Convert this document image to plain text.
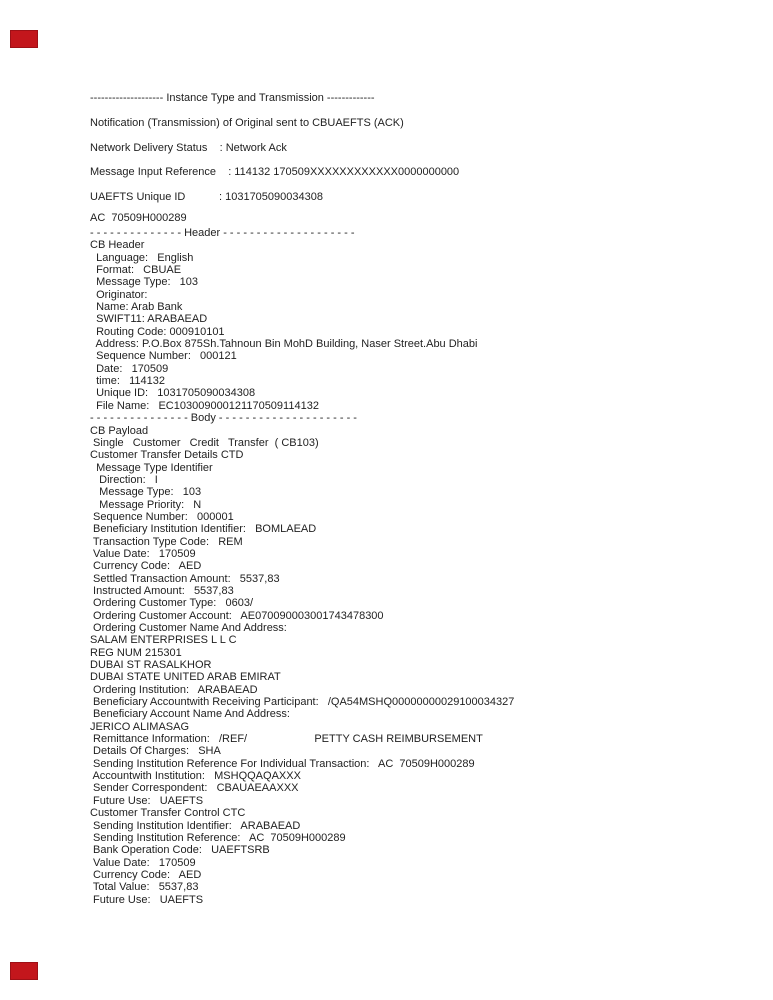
-------------------- Instance Type and Transmission -------------
Notification (Transmission) of Original sent to CBUAEFTS (ACK)
Network Delivery Status    : Network Ack
Message Input Reference    : 114132 170509XXXXXXXXXXXX0000000000
UAEFTS Unique ID           : 1031705090034308
AC  70509H000289
- - - - - - - - - - - - - - Header - - - - - - - - - - - - - - - - - - - -
CB Header
Language:   English
Format:   CBUAE
Message Type:   103
Originator:
Name: Arab Bank
SWIFT11: ARABAEAD
Routing Code: 000910101
Address: P.O.Box 875Sh.Tahnoun Bin MohD Building, Naser Street.Abu Dhabi
Sequence Number:   000121
Date:   170509
time:   114132
Unique ID:   1031705090034308
File Name:   EC103009000121170509114132
- - - - - - - - - - - - - - - Body - - - - - - - - - - - - - - - - - - - - -
CB Payload
Single   Customer   Credit   Transfer  ( CB103)
Customer Transfer Details CTD
Message Type Identifier
Direction:   I
Message Type:   103
Message Priority:   N
Sequence Number:   000001
Beneficiary Institution Identifier:   BOMLAEAD
Transaction Type Code:   REM
Value Date:   170509
Currency Code:   AED
Settled Transaction Amount:   5537,83
Instructed Amount:   5537,83
Ordering Customer Type:   0603/
Ordering Customer Account:   AE070090003001743478300
Ordering Customer Name And Address:
SALAM ENTERPRISES L L C
REG NUM 215301
DUBAI ST RASALKHOR
DUBAI STATE UNITED ARAB EMIRAT
Ordering Institution:   ARABAEAD
Beneficiary Accountwith Receiving Participant:   /QA54MSHQ00000000029100034327
Beneficiary Account Name And Address:
JERICO ALIMASAG
Remittance Information:   /REF/                      PETTY CASH REIMBURSEMENT
Details Of Charges:   SHA
Sending Institution Reference For Individual Transaction:   AC  70509H000289
Accountwith Institution:   MSHQQAQAXXX
Sender Correspondent:   CBAUAEAAXXX
Future Use:   UAEFTS
Customer Transfer Control CTC
Sending Institution Identifier:   ARABAEAD
Sending Institution Reference:   AC  70509H000289
Bank Operation Code:   UAEFTSRB
Value Date:   170509
Currency Code:   AED
Total Value:   5537,83
Future Use:   UAEFTS
